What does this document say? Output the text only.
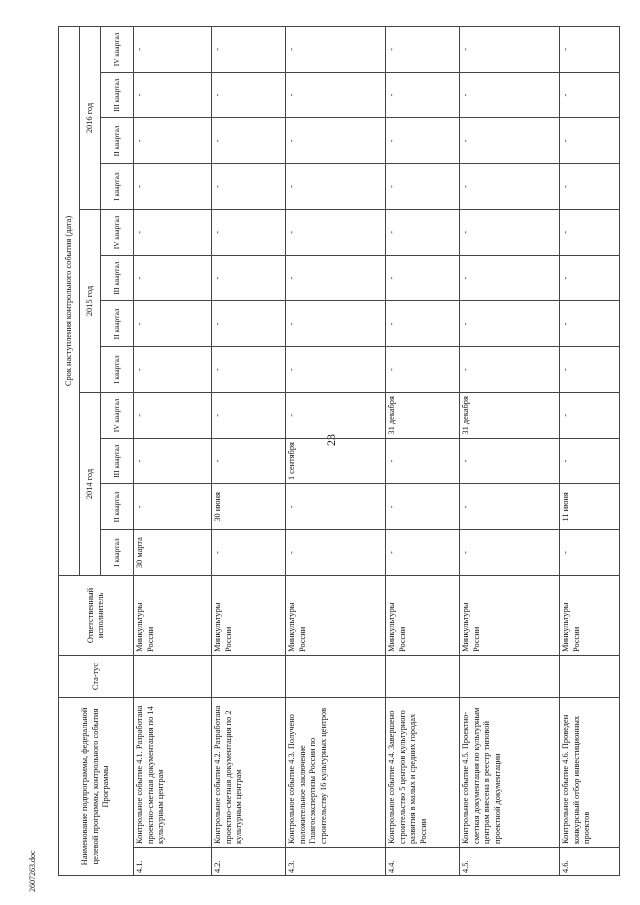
23
2607263.doc
Наименование подпрограммы, федеральной целевой программы, контрольного события Программы		Ста-тус	Ответственный исполнитель	Срок наступления контрольного события (дата)											
				2014 год				2015 год				2016 год			
				I квартал	II квартал	III квартал	IV квартал	I квартал	II квартал	III квартал	IV квартал	I квартал	II квартал	III квартал	IV квартал
4.1.	Контрольное событие 4.1. Разработана проектно-сметная документация по 14 культурным центрам		Минкультуры России	30 марта	-	-	-	-	-	-	-	-	-	-	-
4.2.	Контрольное событие 4.2. Разработана проектно-сметная документация по 2 культурным центрам		Минкультуры России	-	30 июня	-	-	-	-	-	-	-	-	-	-
4.3.	Контрольное событие 4.3. Получено положительное заключение Главгосэкспертизы России по строительству 16 культурных центров		Минкультуры России	-	-	1 сентября	-	-	-	-	-	-	-	-	-
4.4.	Контрольное событие 4.4. Завершено строительство 5 центров культурного развития в малых и средних городах России		Минкультуры России	-	-	-	31 декабря	-	-	-	-	-	-	-	-
4.5.	Контрольное событие 4.5. Проектно-сметная документация по культурным центрам внесена в реестр типовой проектной документации		Минкультуры России	-	-	-	31 декабря	-	-	-	-	-	-	-	-
4.6.	Контрольное событие 4.6. Проведен конкурсный отбор инвестиционных проектов		Минкультуры России	-	11 июня	-	-	-	-	-	-	-	-	-	-
